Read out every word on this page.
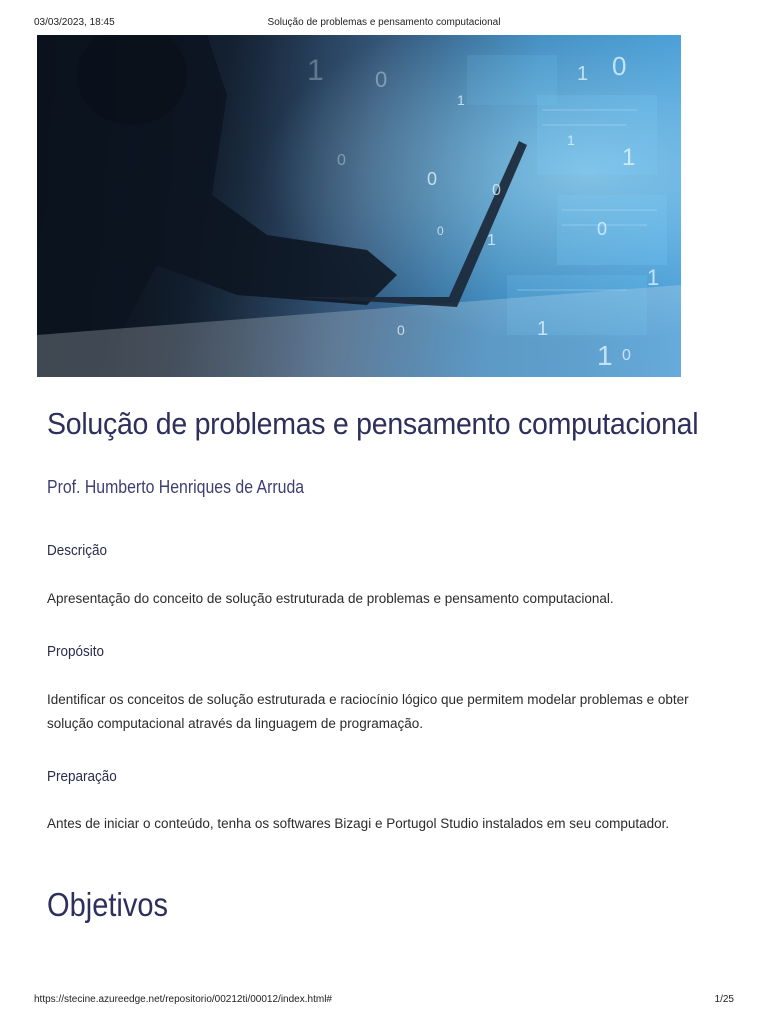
03/03/2023, 18:45	Solução de problemas e pensamento computacional
1 0
1
0
1 0
1
1
0
1
0
1
1 0
0	1
0
0
Solução de problemas e pensamento computacional
Prof. Humberto Henriques de Arruda
Descrição

Apresentação do conceito de solução estruturada de problemas e pensamento computacional.

Propósito

Identificar os conceitos de solução estruturada e raciocínio lógico que permitem modelar problemas e obter solução computacional através da linguagem de programação.

Preparação

Antes de iniciar o conteúdo, tenha os softwares Bizagi e Portugol Studio instalados em seu computador.

Objetivos
https://stecine.azureedge.net/repositorio/00212ti/00012/index.html#	1/25
